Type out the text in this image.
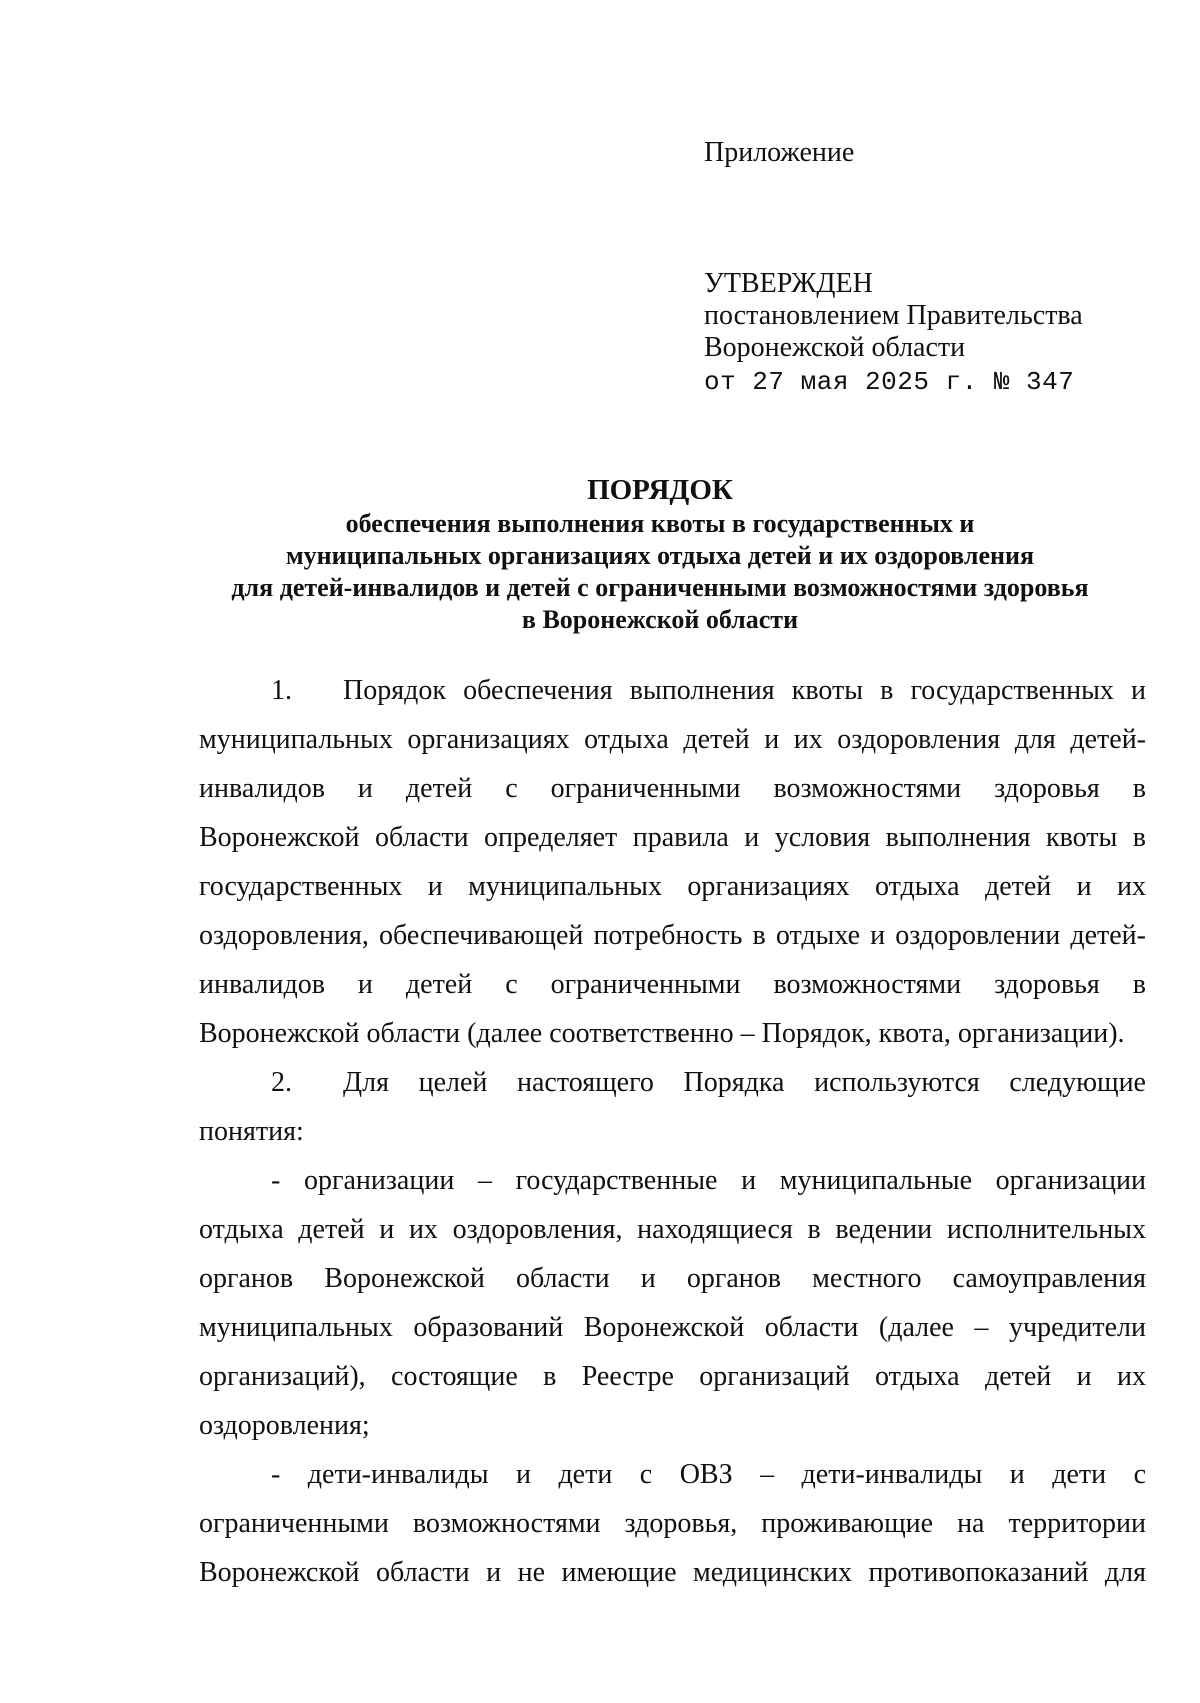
Приложение
УТВЕРЖДЕН
постановлением Правительства
Воронежской области
от 27 мая 2025 г. № 347
ПОРЯДОК
обеспечения выполнения квоты в государственных и
муниципальных организациях отдыха детей и их оздоровления
для детей-инвалидов и детей с ограниченными возможностями здоровья
в Воронежской области
1. Порядок обеспечения выполнения квоты в государственных и
муниципальных организациях отдыха детей и их оздоровления для детей-
инвалидов и детей с ограниченными возможностями здоровья в
Воронежской области определяет правила и условия выполнения квоты в
государственных и муниципальных организациях отдыха детей и их
оздоровления, обеспечивающей потребность в отдыхе и оздоровлении детей-
инвалидов и детей с ограниченными возможностями здоровья в
Воронежской области (далее соответственно – Порядок, квота, организации).
2. Для целей настоящего Порядка используются следующие
понятия:
- организации – государственные и муниципальные организации
отдыха детей и их оздоровления, находящиеся в ведении исполнительных
органов Воронежской области и органов местного самоуправления
муниципальных образований Воронежской области (далее – учредители
организаций), состоящие в Реестре организаций отдыха детей и их
оздоровления;
- дети-инвалиды и дети с ОВЗ – дети-инвалиды и дети с
ограниченными возможностями здоровья, проживающие на территории
Воронежской области и не имеющие медицинских противопоказаний для
